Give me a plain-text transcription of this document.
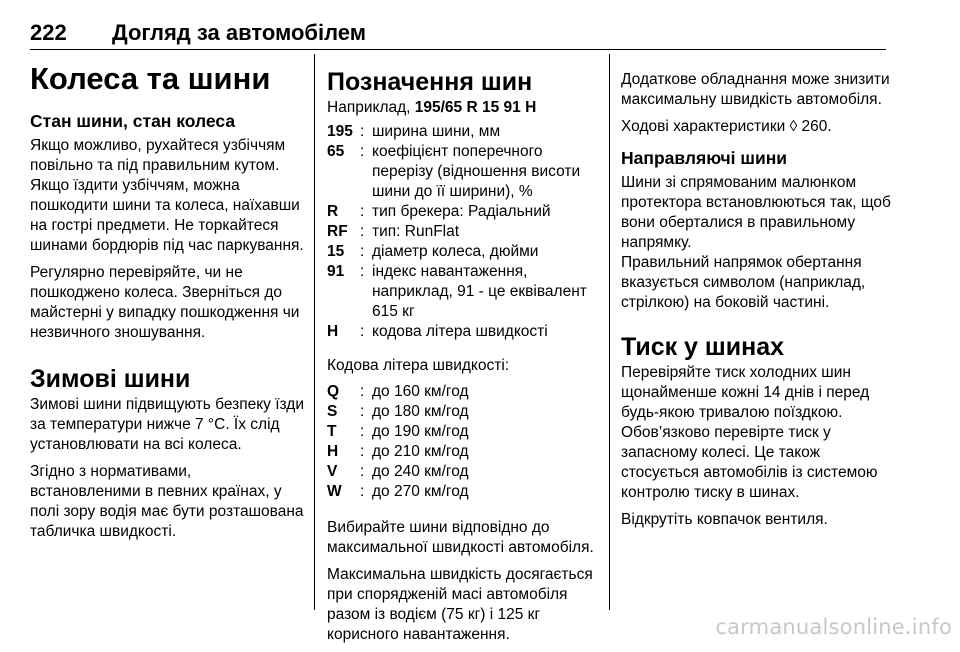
222 Догляд за автомобілем
Колеса та шини
Стан шини, стан колеса

Якщо можливо, рухайтеся узбіччям повільно та під правильним кутом. Якщо їздити узбіччям, можна пошкодити шини та колеса, наїхавши на гострі предмети. Не торкайтеся шинами бордюрів під час паркування.

Регулярно перевіряйте, чи не пошкоджено колеса. Зверніться до майстерні у випадку пошкодження чи незвичного зношування.

Зимові шини

Зимові шини підвищують безпеку їзди за температури нижче 7 °C. Їх слід установлювати на всі колеса.

Згідно з нормативами, встановленими в певних країнах, у полі зору водія має бути розташована табличка швидкості.

Позначення шин

Наприклад, 195/65 R 15 91 H

195 : ширина шини, мм
65	: коефіцієнт поперечного перерізу (відношення висоти шини до її ширини), %
R	: тип брекера: Радіальний
RF : тип: RunFlat
15	: діаметр колеса, дюйми
91	: індекс навантаження, наприклад, 91 - це еквівалент 615 кг
H	: кодова літера швидкості

Кодова літера швидкості:

Q	: до 160 км/год
S	: до 180 км/год
T	: до 190 км/год
H	: до 210 км/год
V	: до 240 км/год
W	: до 270 км/год

Вибирайте шини відповідно до максимальної швидкості автомобіля.

Максимальна швидкість досягається при спорядженій масі автомобіля разом із водієм (75 кг) і 125 кг корисного навантаження.

Додаткове обладнання може знизити максимальну швидкість автомобіля.

Ходові характеристики ◊ 260.

Направляючі шини

Шини зі спрямованим малюнком протектора встановлюються так, щоб вони оберталися в правильному напрямку.

Правильний напрямок обертання вказується символом (наприклад, стрілкою) на боковій частині.

Тиск у шинах

Перевіряйте тиск холодних шин щонайменше кожні 14 днів і перед будь-якою тривалою поїздкою. Обов’язково перевірте тиск у запасному колесі. Це також стосується автомобілів із системою контролю тиску в шинах.

Відкрутіть ковпачок вентиля.

carmanualsonline.info
